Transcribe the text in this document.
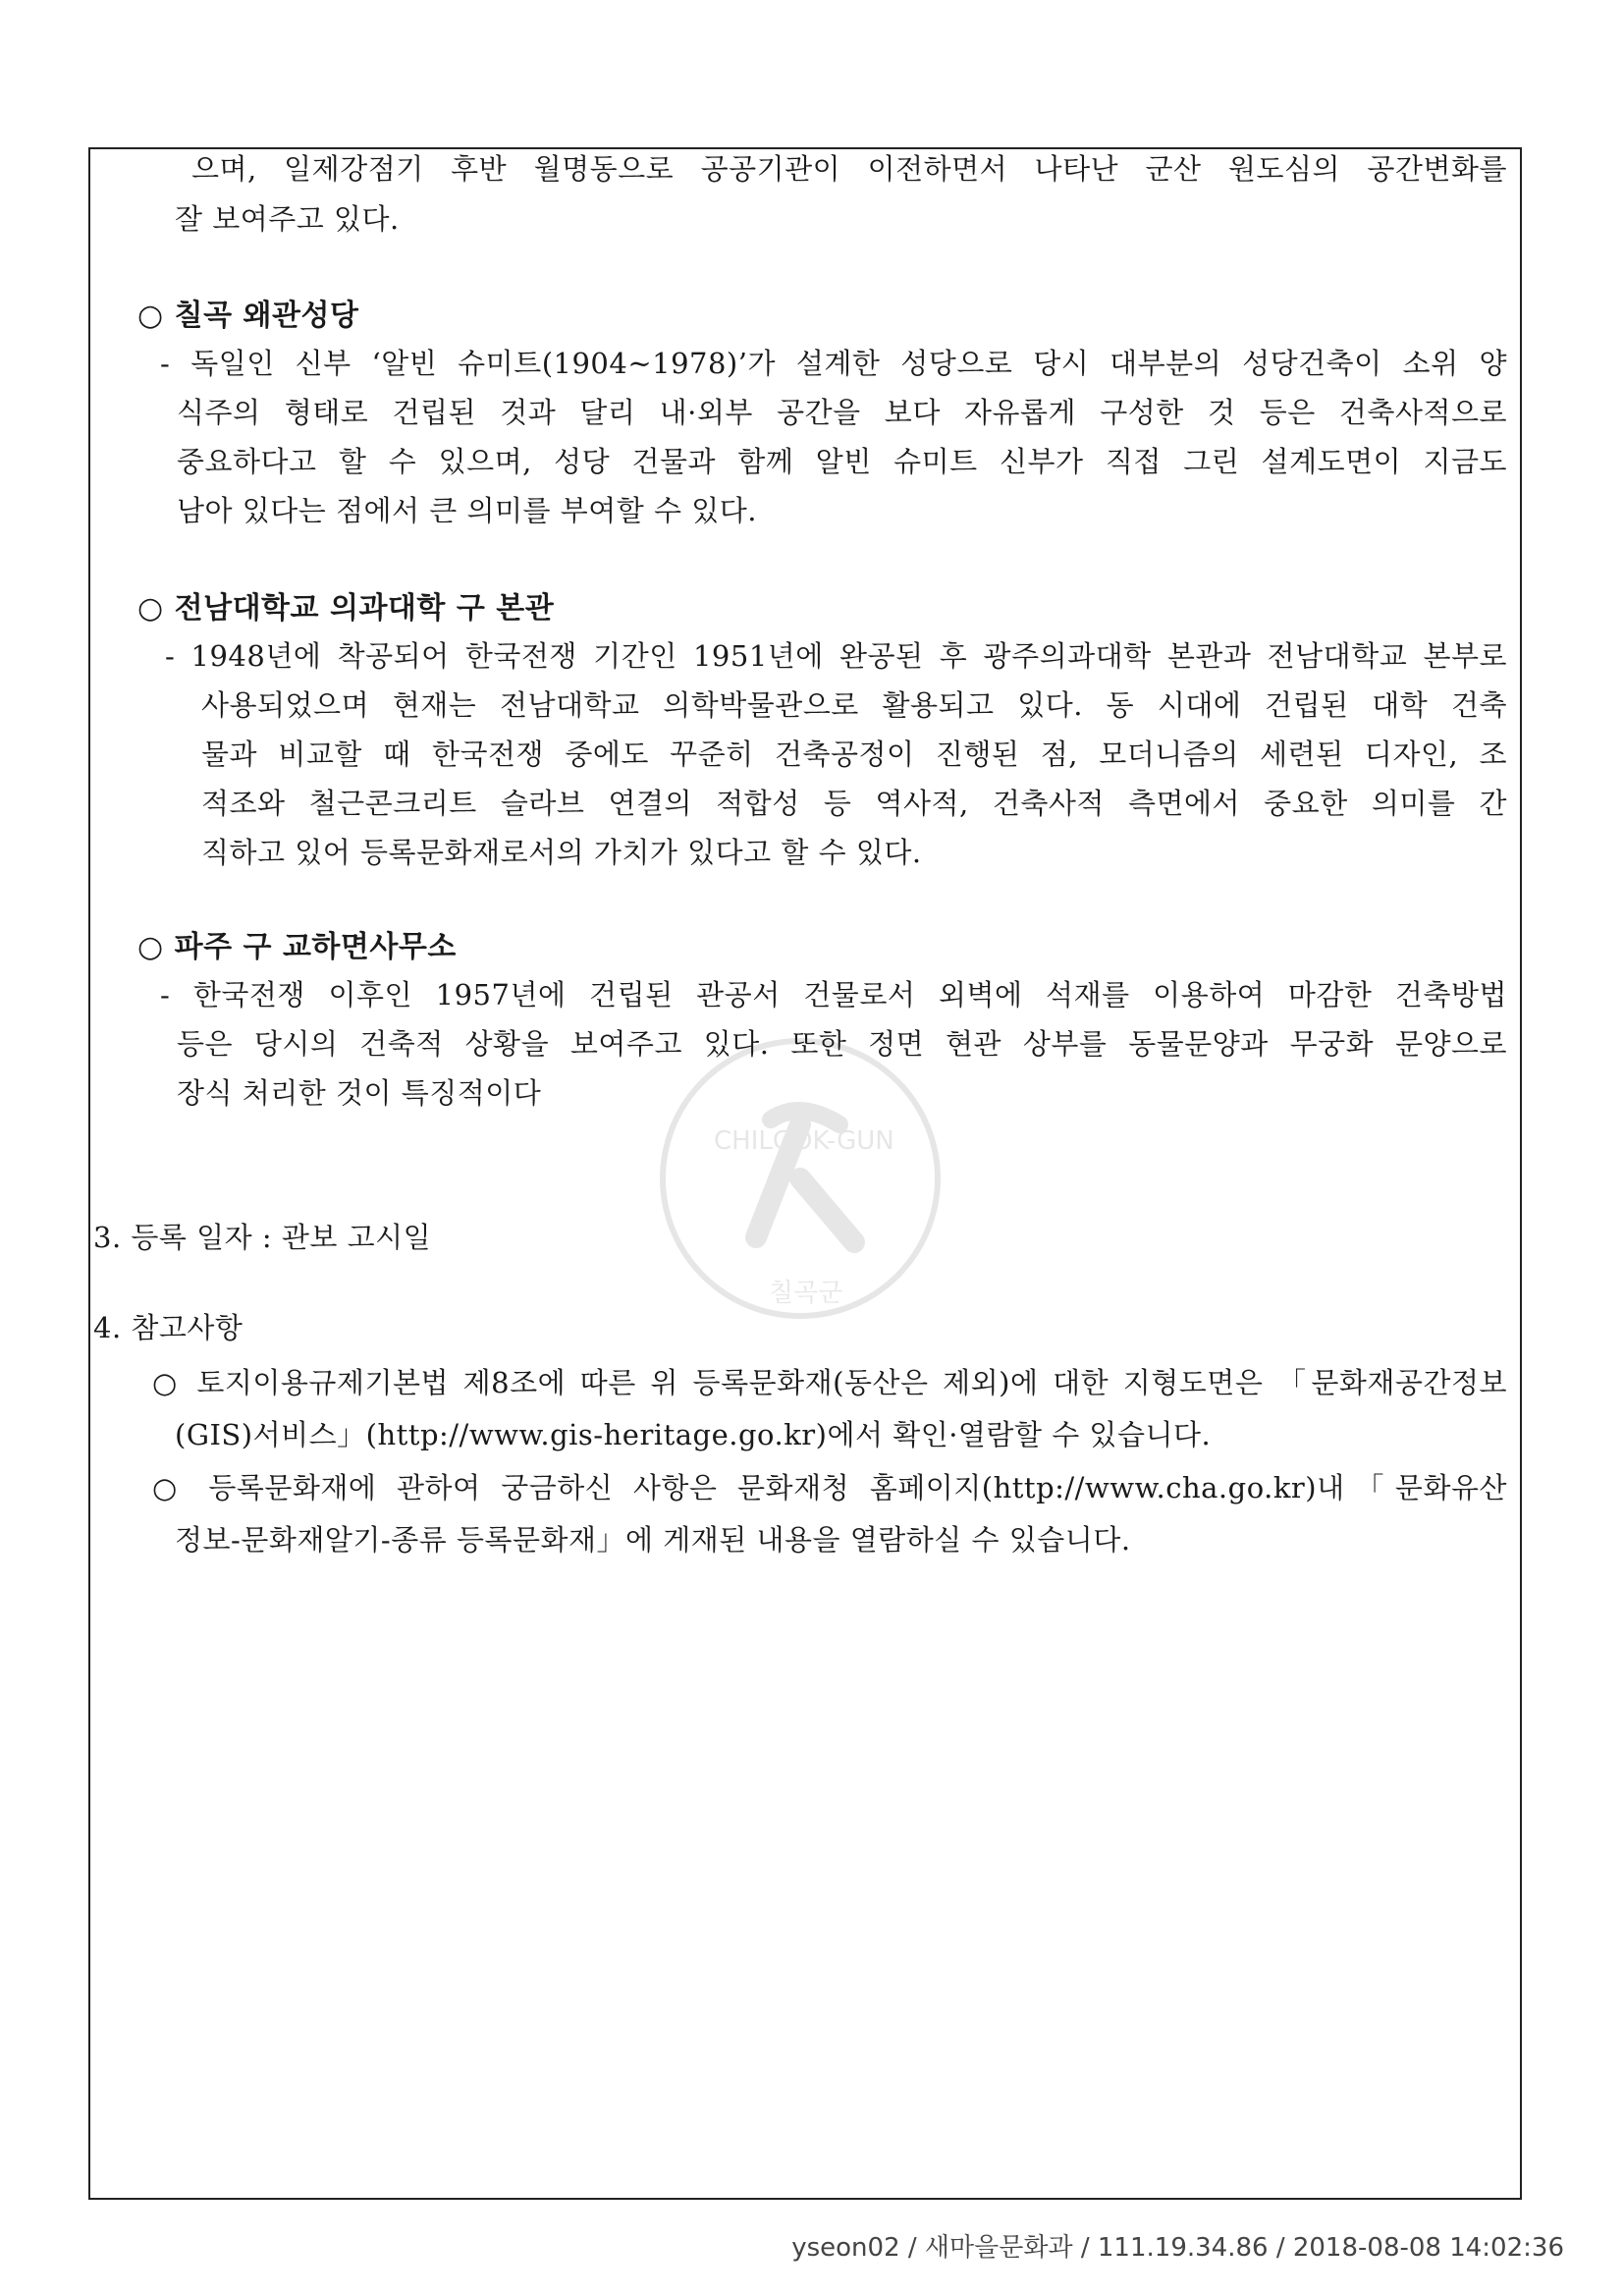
CHILGOK-GUN
칠곡군
으며, 일제강점기 후반 월명동으로 공공기관이 이전하면서 나타난 군산 원도심의 공간변화를
잘 보여주고 있다.
○ 칠곡 왜관성당
- 독일인 신부 ‘알빈 슈미트(1904~1978)’가 설계한 성당으로 당시 대부분의 성당건축이 소위 양
식주의 형태로 건립된 것과 달리 내·외부 공간을 보다 자유롭게 구성한 것 등은 건축사적으로
중요하다고 할 수 있으며, 성당 건물과 함께 알빈 슈미트 신부가 직접 그린 설계도면이 지금도
남아 있다는 점에서 큰 의미를 부여할 수 있다.
○ 전남대학교 의과대학 구 본관
- 1948년에 착공되어 한국전쟁 기간인 1951년에 완공된 후 광주의과대학 본관과 전남대학교 본부로
사용되었으며 현재는 전남대학교 의학박물관으로 활용되고 있다. 동 시대에 건립된 대학 건축
물과 비교할 때 한국전쟁 중에도 꾸준히 건축공정이 진행된 점, 모더니즘의 세련된 디자인, 조
적조와 철근콘크리트 슬라브 연결의 적합성 등 역사적, 건축사적 측면에서 중요한 의미를 간
직하고 있어 등록문화재로서의 가치가 있다고 할 수 있다.
○ 파주 구 교하면사무소
- 한국전쟁 이후인 1957년에 건립된 관공서 건물로서 외벽에 석재를 이용하여 마감한 건축방법
등은 당시의 건축적 상황을 보여주고 있다. 또한 정면 현관 상부를 동물문양과 무궁화 문양으로
장식 처리한 것이 특징적이다
3. 등록 일자 : 관보 고시일
4. 참고사항
○ 토지이용규제기본법 제8조에 따른 위 등록문화재(동산은 제외)에 대한 지형도면은 「문화재공간정보
(GIS)서비스」(http://www.gis-heritage.go.kr)에서 확인·열람할 수 있습니다.
○ 등록문화재에 관하여 궁금하신 사항은 문화재청 홈페이지(http://www.cha.go.kr)내「문화유산
정보-문화재알기-종류 등록문화재」에 게재된 내용을 열람하실 수 있습니다.
yseon02 / 새마을문화과 / 111.19.34.86 / 2018-08-08 14:02:36
